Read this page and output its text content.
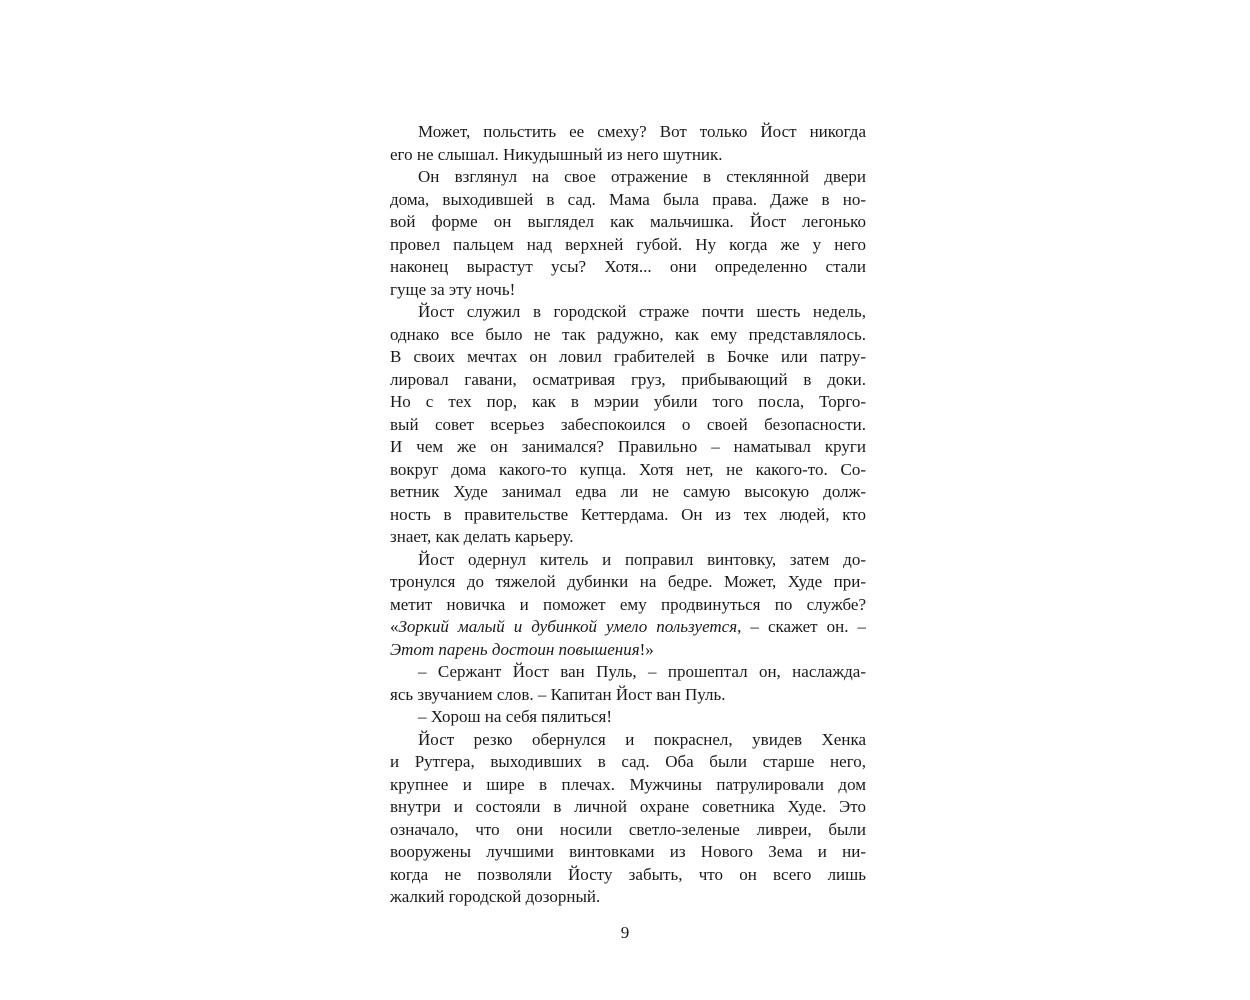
Может, польстить ее смеху? Вот только Йост никогда
его не слышал. Никудышный из него шутник.
Он взглянул на свое отражение в стеклянной двери
дома, выходившей в сад. Мама была права. Даже в но-
вой форме он выглядел как мальчишка. Йост легонько
провел пальцем над верхней губой. Ну когда же у него
наконец вырастут усы? Хотя... они определенно стали
гуще за эту ночь!
Йост служил в городской страже почти шесть недель,
однако все было не так радужно, как ему представлялось.
В своих мечтах он ловил грабителей в Бочке или патру-
лировал гавани, осматривая груз, прибывающий в доки.
Но с тех пор, как в мэрии убили того посла, Торго-
вый совет всерьез забеспокоился о своей безопасности.
И чем же он занимался? Правильно – наматывал круги
вокруг дома какого-то купца. Хотя нет, не какого-то. Со-
ветник Худе занимал едва ли не самую высокую долж-
ность в правительстве Кеттердама. Он из тех людей, кто
знает, как делать карьеру.
Йост одернул китель и поправил винтовку, затем до-
тронулся до тяжелой дубинки на бедре. Может, Худе при-
метит новичка и поможет ему продвинуться по службе?
«Зоркий малый и дубинкой умело пользуется, – скажет он. –
Этот парень достоин повышения!»
– Сержант Йост ван Пуль, – прошептал он, наслажда-
ясь звучанием слов. – Капитан Йост ван Пуль.
– Хорош на себя пялиться!
Йост резко обернулся и покраснел, увидев Хенка
и Рутгера, выходивших в сад. Оба были старше него,
крупнее и шире в плечах. Мужчины патрулировали дом
внутри и состояли в личной охране советника Худе. Это
означало, что они носили светло-зеленые ливреи, были
вооружены лучшими винтовками из Нового Зема и ни-
когда не позволяли Йосту забыть, что он всего лишь
жалкий городской дозорный.
9
